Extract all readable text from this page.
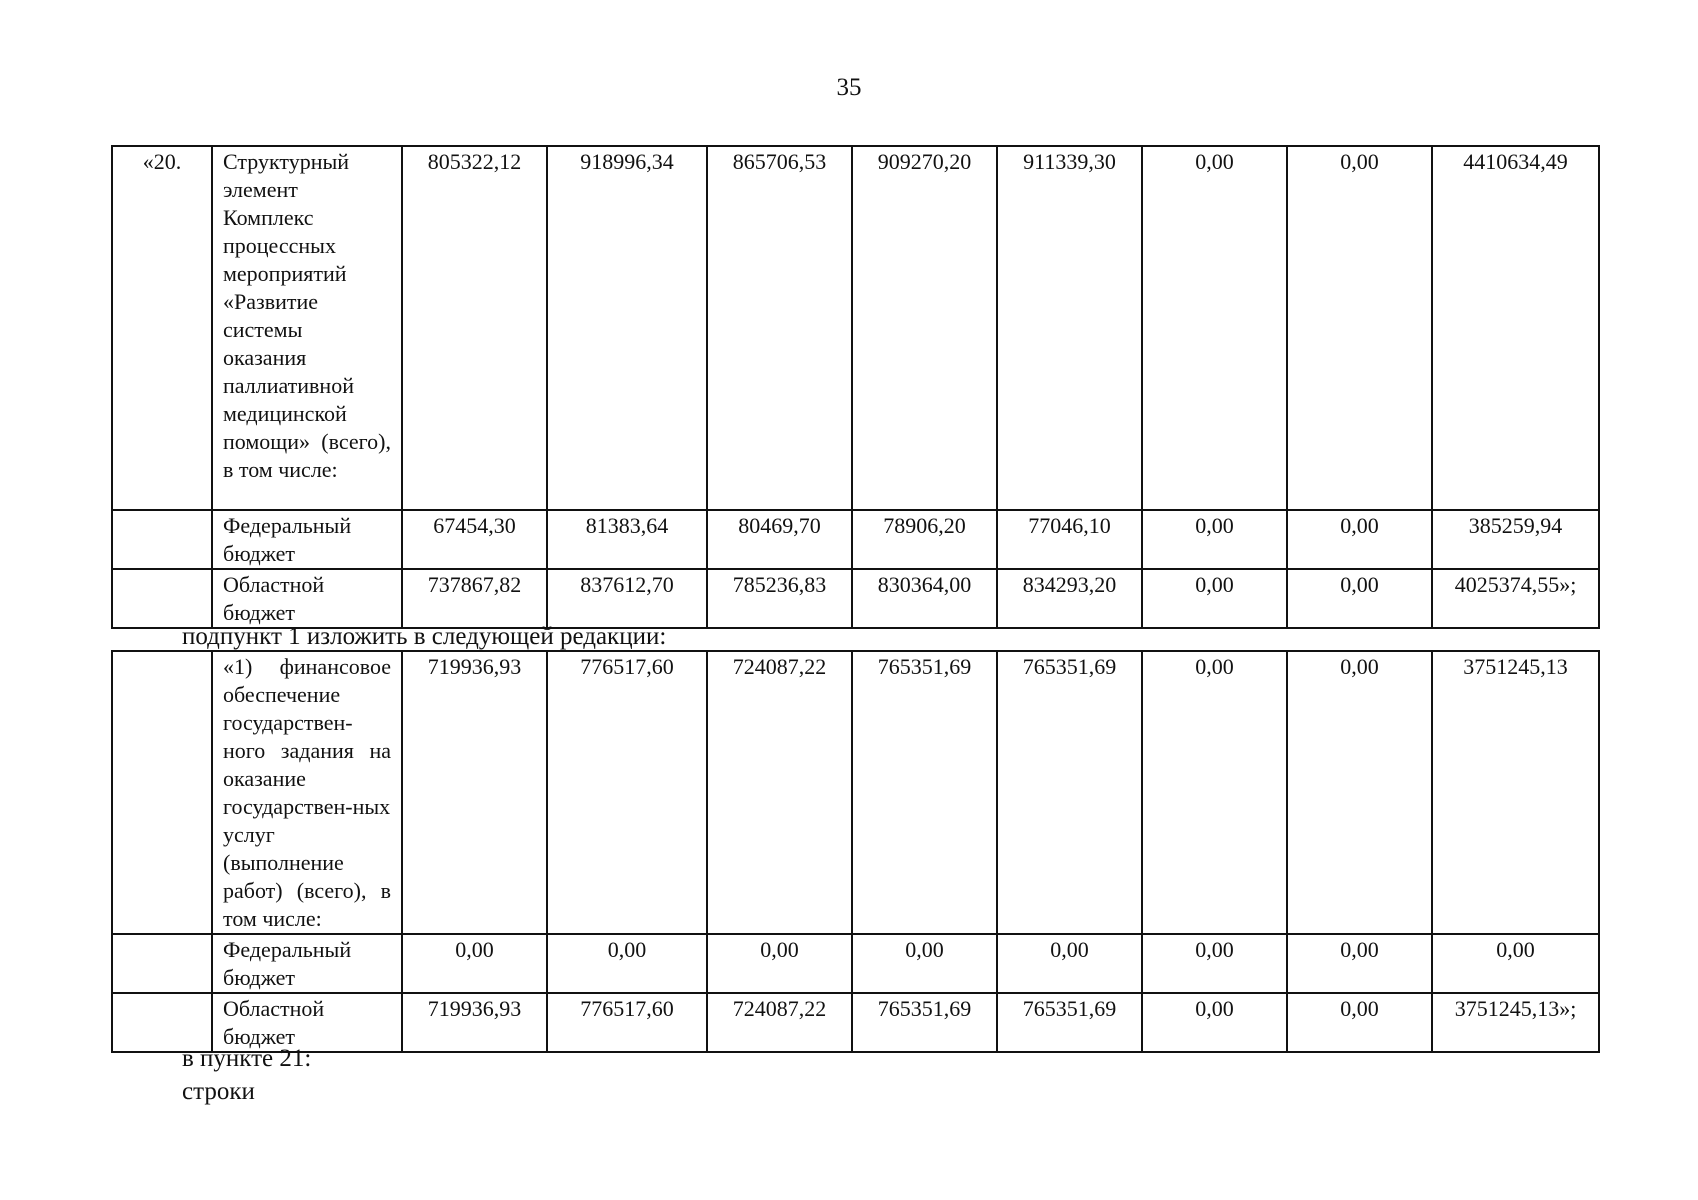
35
«20.	Структурный элемент Комплекс процессных мероприятий «Развитие системы оказания паллиативной медицинской помощи» (всего), в том числе:	805322,12	918996,34	865706,53	909270,20	911339,30	0,00	0,00	4410634,49
	Федеральный бюджет	67454,30	81383,64	80469,70	78906,20	77046,10	0,00	0,00	385259,94
	Областной бюджет	737867,82	837612,70	785236,83	830364,00	834293,20	0,00	0,00	4025374,55»;
подпункт 1 изложить в следующей редакции:
	«1) финансовое обеспечение государствен-ного задания на оказание государствен-ных услуг (выполнение работ) (всего), в том числе:	719936,93	776517,60	724087,22	765351,69	765351,69	0,00	0,00	3751245,13
	Федеральный бюджет	0,00	0,00	0,00	0,00	0,00	0,00	0,00	0,00
	Областной бюджет	719936,93	776517,60	724087,22	765351,69	765351,69	0,00	0,00	3751245,13»;
в пункте 21:
строки
